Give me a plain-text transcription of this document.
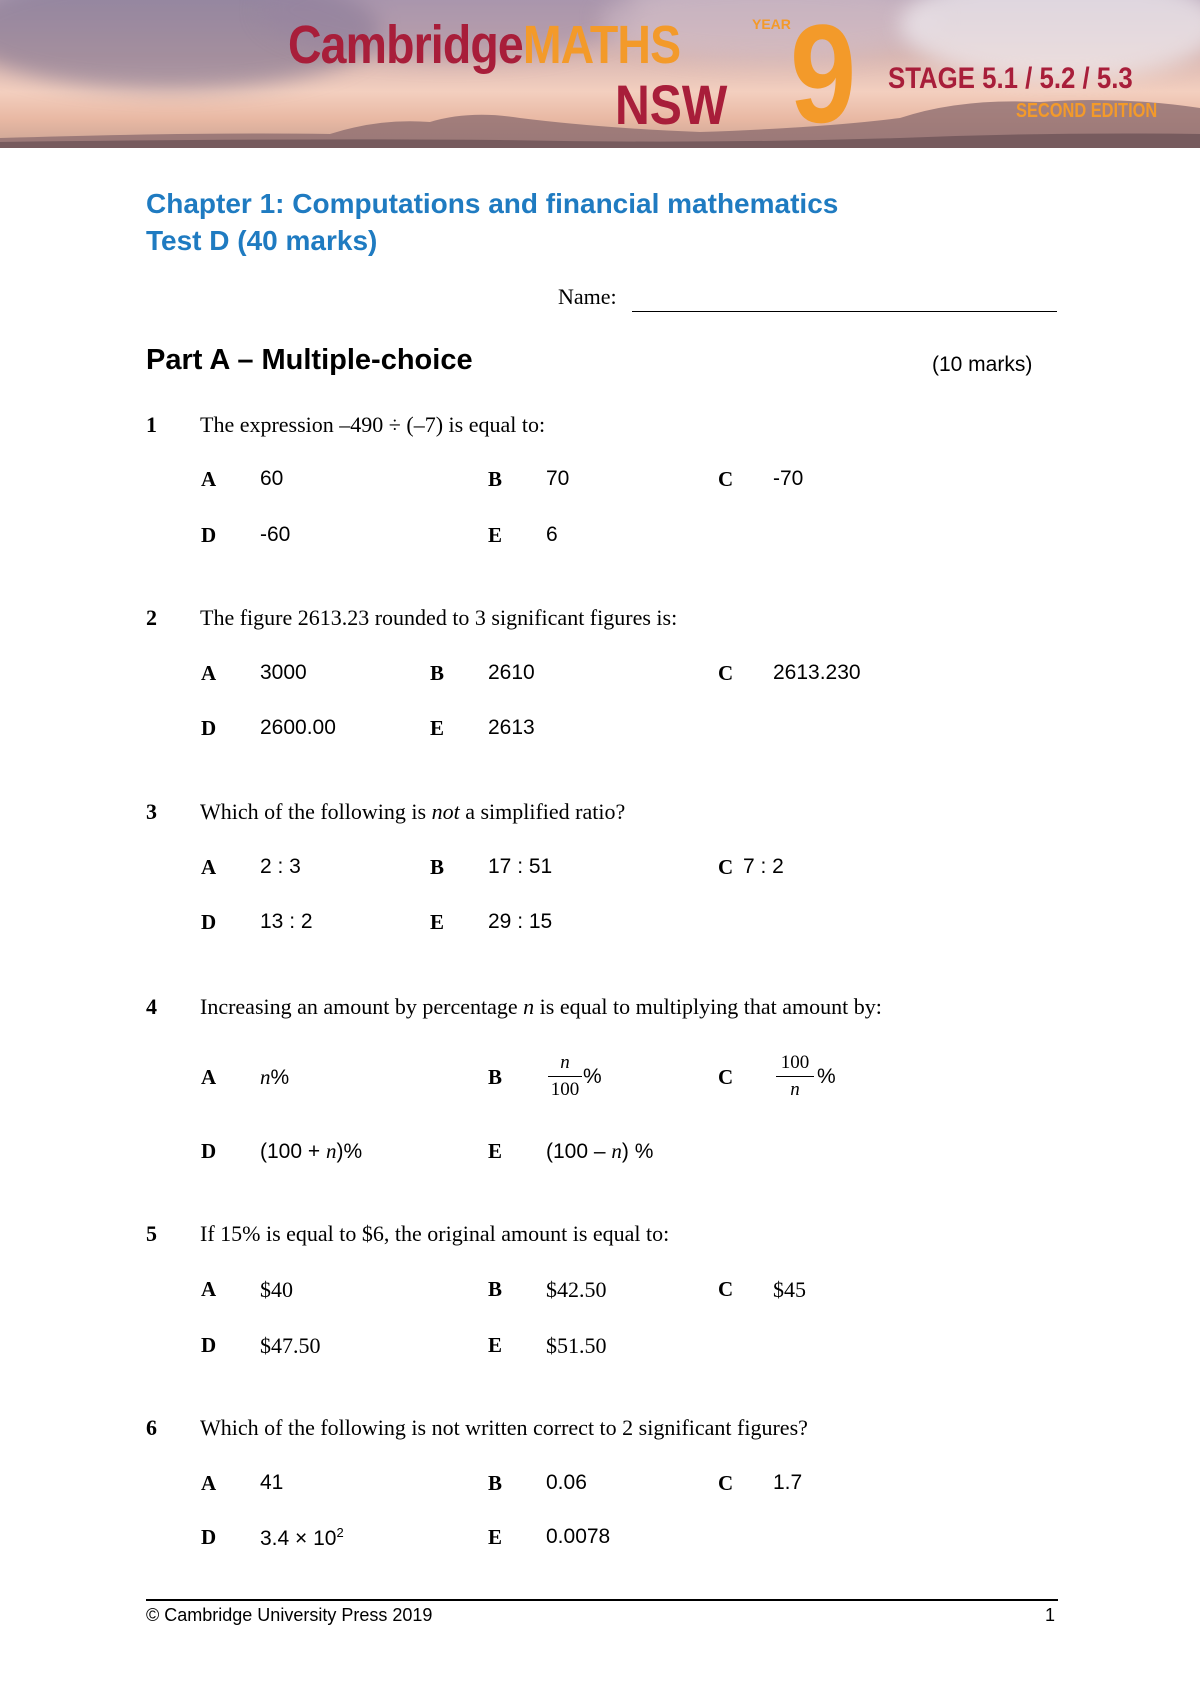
CambridgeMATHS
NSW
YEAR 9 STAGE 5.1 / 5.2 / 5.3
SECOND EDITION
Chapter 1: Computations and financial mathematics
Test D (40 marks)
Name:
Part A – Multiple-choice	(10 marks)
1 The expression –490 ÷ (–7) is equal to:
A 60	B 70	C -70
D -60	E 6
2 The figure 2613.23 rounded to 3 significant figures is:
A 3000	B 2610	C 2613.230
D 2600.00	E 2613
3 Which of the following is not a simplified ratio?
A 2 : 3	B 17 : 51	C 7 : 2
D 13 : 2	E 29 : 15
4 Increasing an amount by percentage n is equal to multiplying that amount by:
A n%	B
n
100
%	C
100
n
%
D (100 + n)%	E (100 – n) %
5 If 15% is equal to $6, the original amount is equal to:
A $40	B $42.50	C $45
D $47.50	E $51.50
6 Which of the following is not written correct to 2 significant figures?
A 41	B 0.06	C 1.7
D $3.4 \times 10^2$	E 0.0078
© Cambridge University Press 2019	1
